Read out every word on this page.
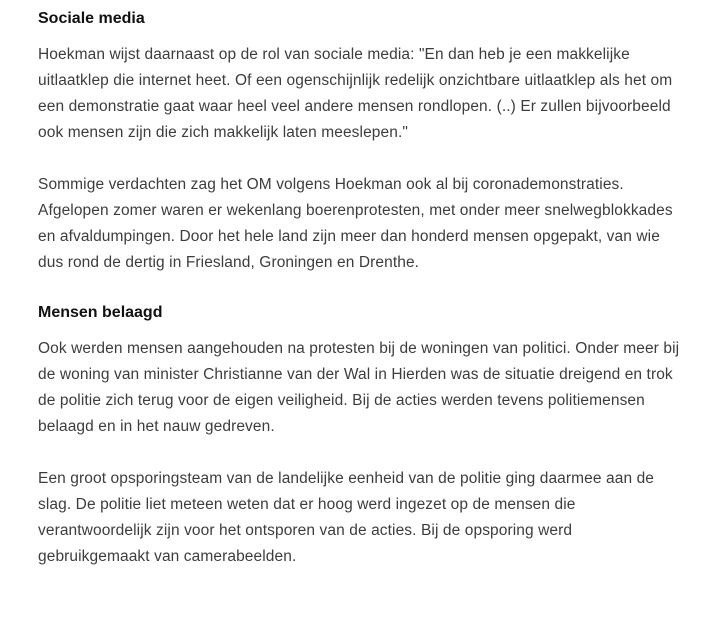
Sociale media

Hoekman wijst daarnaast op de rol van sociale media: "En dan heb je een makkelijke uitlaatklep die internet heet. Of een ogenschijnlijk redelijk onzichtbare uitlaatklep als het om een demonstratie gaat waar heel veel andere mensen rondlopen. (..) Er zullen bijvoorbeeld ook mensen zijn die zich makkelijk laten meeslepen."

Sommige verdachten zag het OM volgens Hoekman ook al bij coronademonstraties. Afgelopen zomer waren er wekenlang boerenprotesten, met onder meer snelwegblokkades en afvaldumpingen. Door het hele land zijn meer dan honderd mensen opgepakt, van wie dus rond de dertig in Friesland, Groningen en Drenthe.

Mensen belaagd

Ook werden mensen aangehouden na protesten bij de woningen van politici. Onder meer bij de woning van minister Christianne van der Wal in Hierden was de situatie dreigend en trok de politie zich terug voor de eigen veiligheid. Bij de acties werden tevens politiemensen belaagd en in het nauw gedreven.

Een groot opsporingsteam van de landelijke eenheid van de politie ging daarmee aan de slag. De politie liet meteen weten dat er hoog werd ingezet op de mensen die verantwoordelijk zijn voor het ontsporen van de acties. Bij de opsporing werd gebruikgemaakt van camerabeelden.
